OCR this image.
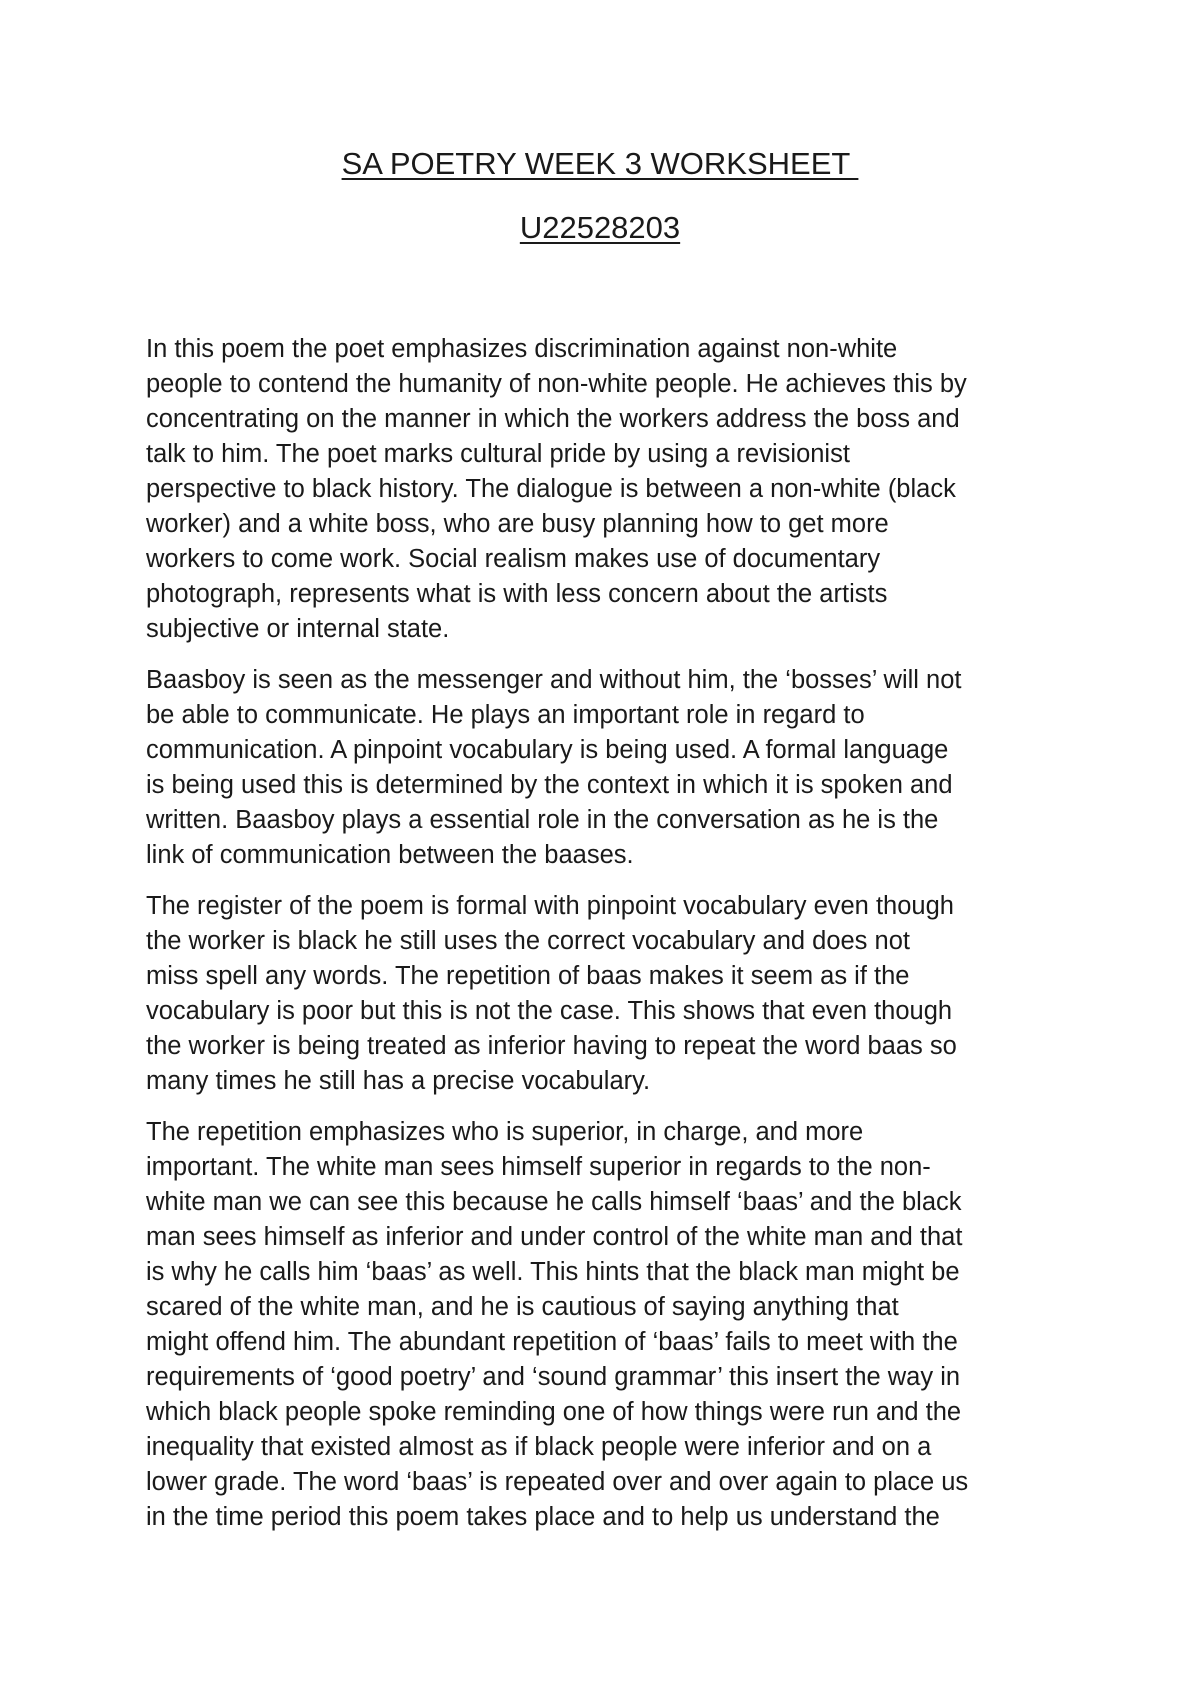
SA POETRY WEEK 3 WORKSHEET
U22528203
In this poem the poet emphasizes discrimination against non-white
people to contend the humanity of non-white people. He achieves this by
concentrating on the manner in which the workers address the boss and
talk to him. The poet marks cultural pride by using a revisionist
perspective to black history. The dialogue is between a non-white (black
worker) and a white boss, who are busy planning how to get more
workers to come work. Social realism makes use of documentary
photograph, represents what is with less concern about the artists
subjective or internal state.
Baasboy is seen as the messenger and without him, the ‘bosses’ will not
be able to communicate. He plays an important role in regard to
communication. A pinpoint vocabulary is being used. A formal language
is being used this is determined by the context in which it is spoken and
written. Baasboy plays a essential role in the conversation as he is the
link of communication between the baases.
The register of the poem is formal with pinpoint vocabulary even though
the worker is black he still uses the correct vocabulary and does not
miss spell any words. The repetition of baas makes it seem as if the
vocabulary is poor but this is not the case. This shows that even though
the worker is being treated as inferior having to repeat the word baas so
many times he still has a precise vocabulary.
The repetition emphasizes who is superior, in charge, and more
important. The white man sees himself superior in regards to the non-
white man we can see this because he calls himself ‘baas’ and the black
man sees himself as inferior and under control of the white man and that
is why he calls him ‘baas’ as well. This hints that the black man might be
scared of the white man, and he is cautious of saying anything that
might offend him. The abundant repetition of ‘baas’ fails to meet with the
requirements of ‘good poetry’ and ‘sound grammar’ this insert the way in
which black people spoke reminding one of how things were run and the
inequality that existed almost as if black people were inferior and on a
lower grade. The word ‘baas’ is repeated over and over again to place us
in the time period this poem takes place and to help us understand the
